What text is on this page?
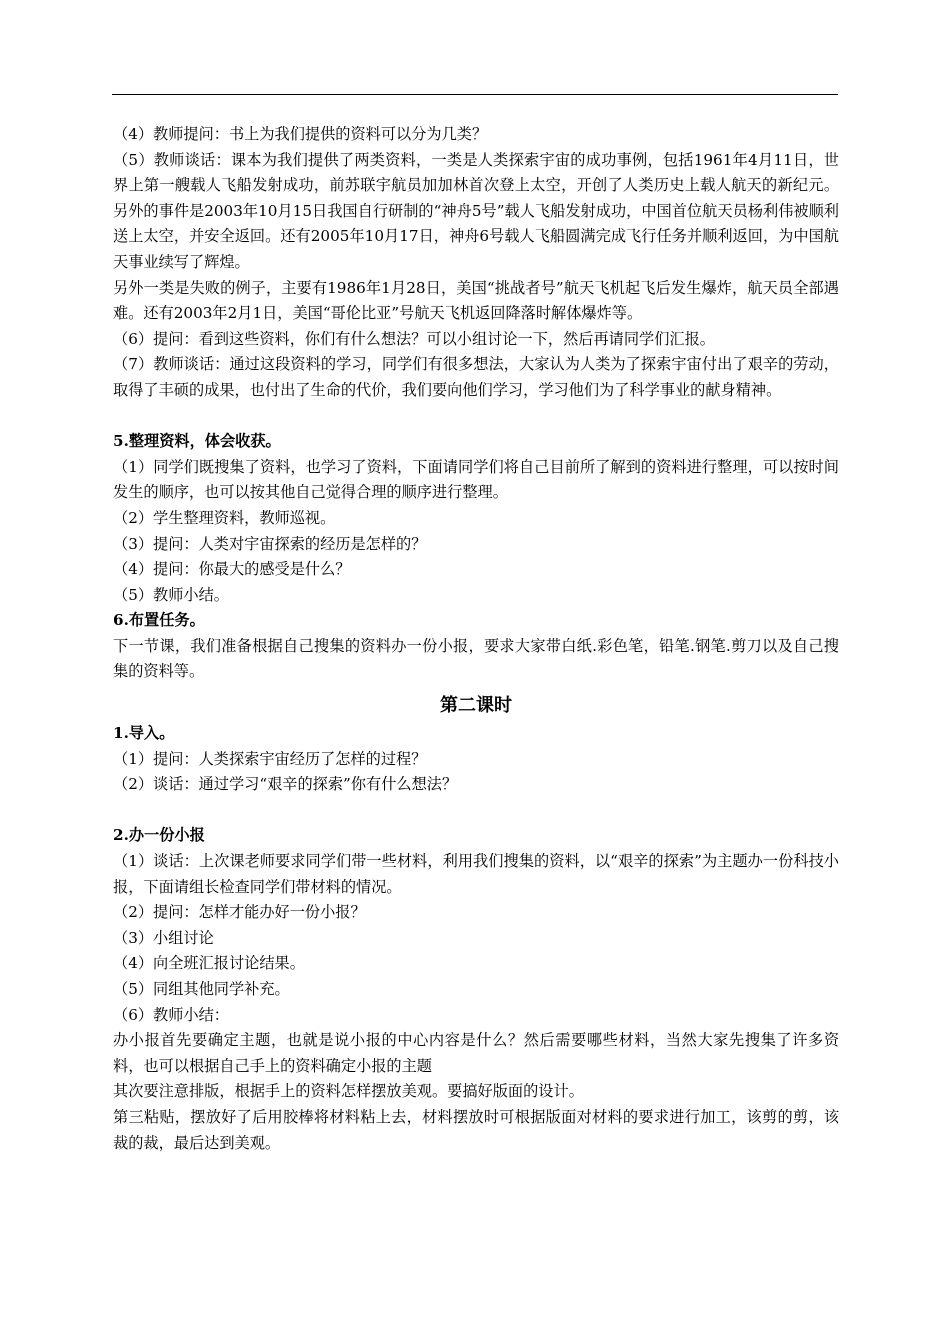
（4）教师提问：书上为我们提供的资料可以分为几类？

（5）教师谈话：课本为我们提供了两类资料，一类是人类探索宇宙的成功事例，包括1961年4月11日，世界上第一艘载人飞船发射成功，前苏联宇航员加加林首次登上太空，开创了人类历史上载人航天的新纪元。另外的事件是2003年10月15日我国自行研制的“神舟5号”载人飞船发射成功，中国首位航天员杨利伟被顺利送上太空，并安全返回。还有2005年10月17日，神舟6号载人飞船圆满完成飞行任务并顺利返回，为中国航天事业续写了辉煌。

另外一类是失败的例子，主要有1986年1月28日，美国“挑战者号”航天飞机起飞后发生爆炸，航天员全部遇难。还有2003年2月1日，美国“哥伦比亚”号航天飞机返回降落时解体爆炸等。

（6）提问：看到这些资料，你们有什么想法？可以小组讨论一下，然后再请同学们汇报。

（7）教师谈话：通过这段资料的学习，同学们有很多想法，大家认为人类为了探索宇宙付出了艰辛的劳动，取得了丰硕的成果，也付出了生命的代价，我们要向他们学习，学习他们为了科学事业的献身精神。

5.整理资料，体会收获。

（1）同学们既搜集了资料，也学习了资料，下面请同学们将自己目前所了解到的资料进行整理，可以按时间发生的顺序，也可以按其他自己觉得合理的顺序进行整理。

（2）学生整理资料，教师巡视。

（3）提问：人类对宇宙探索的经历是怎样的？

（4）提问：你最大的感受是什么？

（5）教师小结。

6.布置任务。

下一节课，我们准备根据自己搜集的资料办一份小报，要求大家带白纸.彩色笔，铅笔.钢笔.剪刀以及自己搜集的资料等。

第二课时

1.导入。

（1）提问：人类探索宇宙经历了怎样的过程？

（2）谈话：通过学习“艰辛的探索”你有什么想法？

2.办一份小报

（1）谈话：上次课老师要求同学们带一些材料，利用我们搜集的资料，以“艰辛的探索”为主题办一份科技小报，下面请组长检查同学们带材料的情况。

（2）提问：怎样才能办好一份小报？

（3）小组讨论

（4）向全班汇报讨论结果。

（5）同组其他同学补充。

（6）教师小结：

办小报首先要确定主题，也就是说小报的中心内容是什么？然后需要哪些材料，当然大家先搜集了许多资料，也可以根据自己手上的资料确定小报的主题

其次要注意排版，根据手上的资料怎样摆放美观。要搞好版面的设计。

第三粘贴，摆放好了后用胶棒将材料粘上去，材料摆放时可根据版面对材料的要求进行加工，该剪的剪，该裁的裁，最后达到美观。
